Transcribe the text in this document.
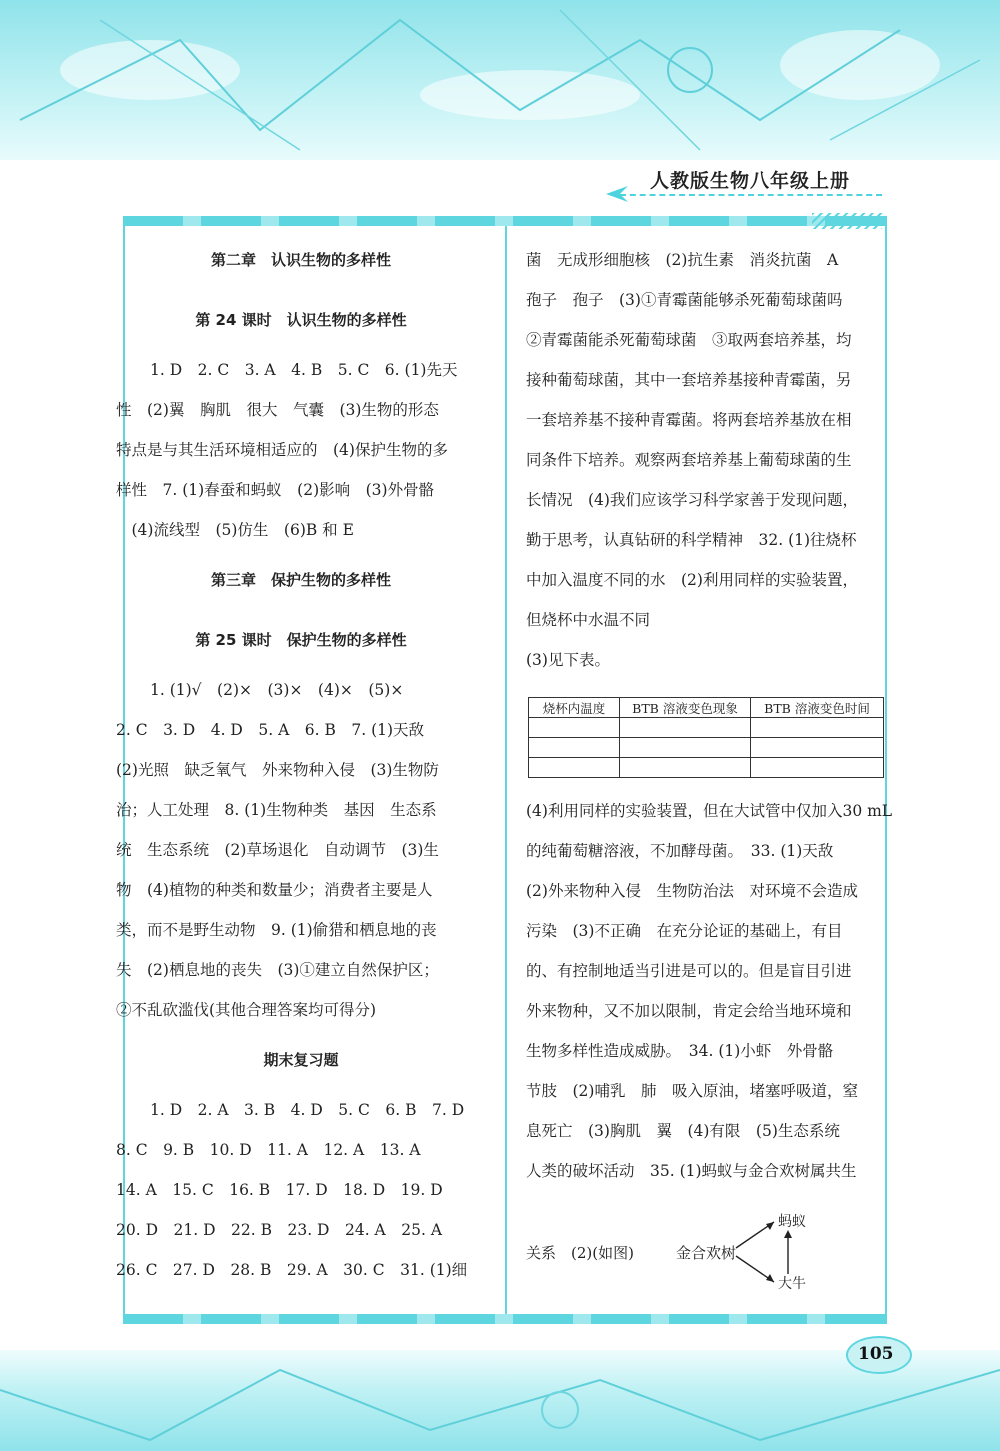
人教版生物八年级上册
第二章　认识生物的多样性
第 24 课时　认识生物的多样性
1. D　2. C　3. A　4. B　5. C　6. (1)先天
性　(2)翼　胸肌　很大　气囊　(3)生物的形态
特点是与其生活环境相适应的　(4)保护生物的多
样性　7. (1)春蚕和蚂蚁　(2)影响　(3)外骨骼
　(4)流线型　(5)仿生　(6)B 和 E
第三章　保护生物的多样性
第 25 课时　保护生物的多样性
1. (1)√　(2)×　(3)×　(4)×　(5)×
2. C　3. D　4. D　5. A　6. B　7. (1)天敌
(2)光照　缺乏氧气　外来物种入侵　(3)生物防
治；人工处理　8. (1)生物种类　基因　生态系
统　生态系统　(2)草场退化　自动调节　(3)生
物　(4)植物的种类和数量少；消费者主要是人
类，而不是野生动物　9. (1)偷猎和栖息地的丧
失　(2)栖息地的丧失　(3)①建立自然保护区；
②不乱砍滥伐(其他合理答案均可得分)
期末复习题
1. D　2. A　3. B　4. D　5. C　6. B　7. D
8. C　9. B　10. D　11. A　12. A　13. A
14. A　15. C　16. B　17. D　18. D　19. D
20. D　21. D　22. B　23. D　24. A　25. A
26. C　27. D　28. B　29. A　30. C　31. (1)细
菌　无成形细胞核　(2)抗生素　消炎抗菌　A
孢子　孢子　(3)①青霉菌能够杀死葡萄球菌吗
②青霉菌能杀死葡萄球菌　③取两套培养基，均
接种葡萄球菌，其中一套培养基接种青霉菌，另
一套培养基不接种青霉菌。将两套培养基放在相
同条件下培养。观察两套培养基上葡萄球菌的生
长情况　(4)我们应该学习科学家善于发现问题，
勤于思考，认真钻研的科学精神　32. (1)往烧杯
中加入温度不同的水　(2)利用同样的实验装置，
但烧杯中水温不同
(3)见下表。
烧杯内温度	BTB 溶液变色现象	BTB 溶液变色时间

(4)利用同样的实验装置，但在大试管中仅加入30 mL
的纯葡萄糖溶液，不加酵母菌。　33. (1)天敌
(2)外来物种入侵　生物防治法　对环境不会造成
污染　(3)不正确　在充分论证的基础上，有目
的、有控制地适当引进是可以的。但是盲目引进
外来物种，又不加以限制，肯定会给当地环境和
生物多样性造成威胁。　34. (1)小虾　外骨骼
节肢　(2)哺乳　肺　吸入原油，堵塞呼吸道，窒
息死亡　(3)胸肌　翼　(4)有限　(5)生态系统
人类的破坏活动　35. (1)蚂蚁与金合欢树属共生
关系　(2)(如图)	金合欢树
蚂蚁
大牛
105
